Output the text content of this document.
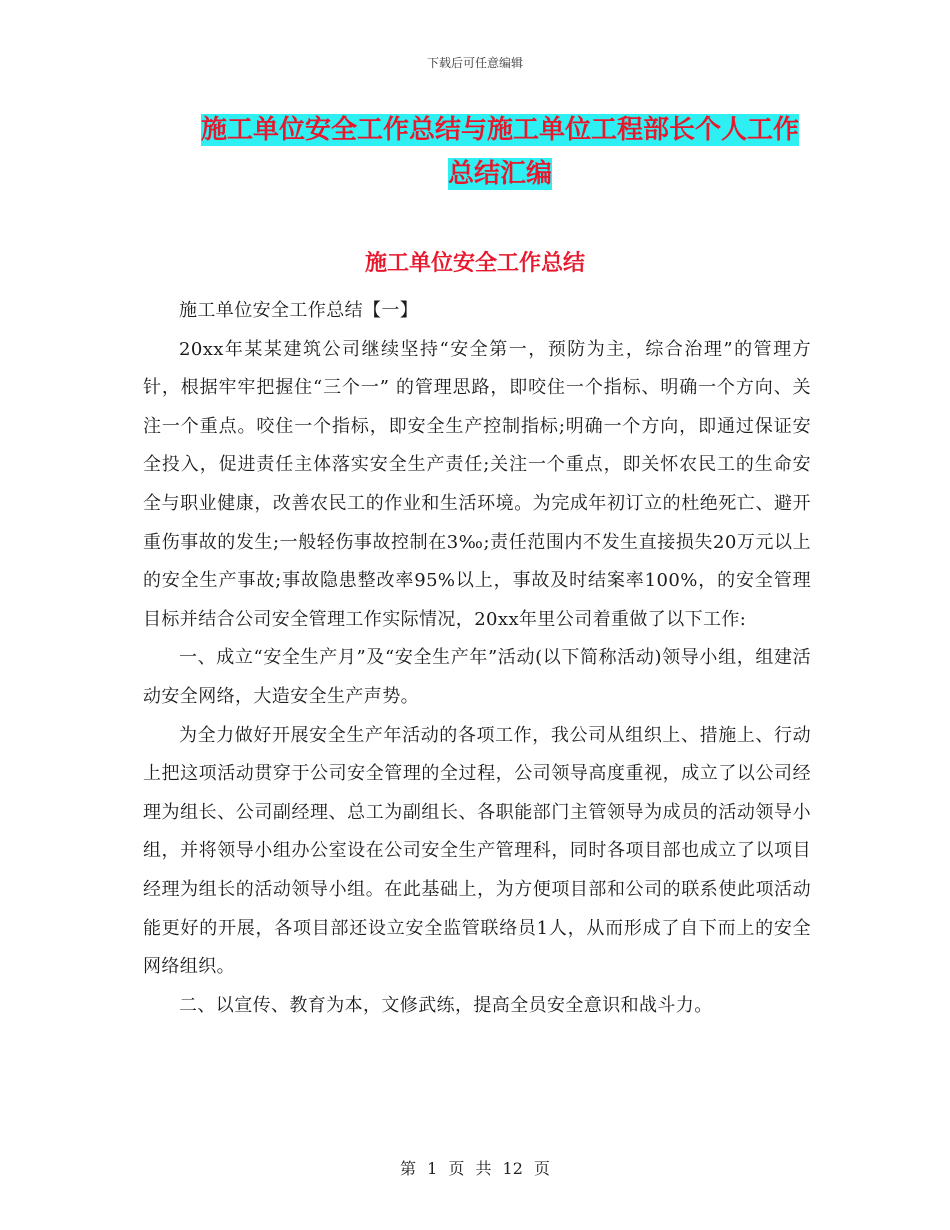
下载后可任意编辑
施工单位安全工作总结与施工单位工程部长个人工作
总结汇编
施工单位安全工作总结

施工单位安全工作总结【一】

20xx年某某建筑公司继续坚持“安全第一，预防为主，综合治理”的管理方针，根据牢牢把握住“三个一” 的管理思路，即咬住一个指标、明确一个方向、关注一个重点。咬住一个指标，即安全生产控制指标;明确一个方向，即通过保证安全投入，促进责任主体落实安全生产责任;关注一个重点，即关怀农民工的生命安全与职业健康，改善农民工的作业和生活环境。为完成年初订立的杜绝死亡、避开重伤事故的发生;一般轻伤事故控制在3‰;责任范围内不发生直接损失20万元以上的安全生产事故;事故隐患整改率95%以上，事故及时结案率100%，的安全管理目标并结合公司安全管理工作实际情况，20xx年里公司着重做了以下工作:

一、成立“安全生产月”及“安全生产年”活动(以下简称活动)领导小组，组建活动安全网络，大造安全生产声势。

为全力做好开展安全生产年活动的各项工作，我公司从组织上、措施上、行动上把这项活动贯穿于公司安全管理的全过程，公司领导高度重视，成立了以公司经理为组长、公司副经理、总工为副组长、各职能部门主管领导为成员的活动领导小组，并将领导小组办公室设在公司安全生产管理科，同时各项目部也成立了以项目经理为组长的活动领导小组。在此基础上，为方便项目部和公司的联系使此项活动能更好的开展，各项目部还设立安全监管联络员1人，从而形成了自下而上的安全网络组织。

二、以宣传、教育为本，文修武练，提高全员安全意识和战斗力。

第 1 页 共 12 页
